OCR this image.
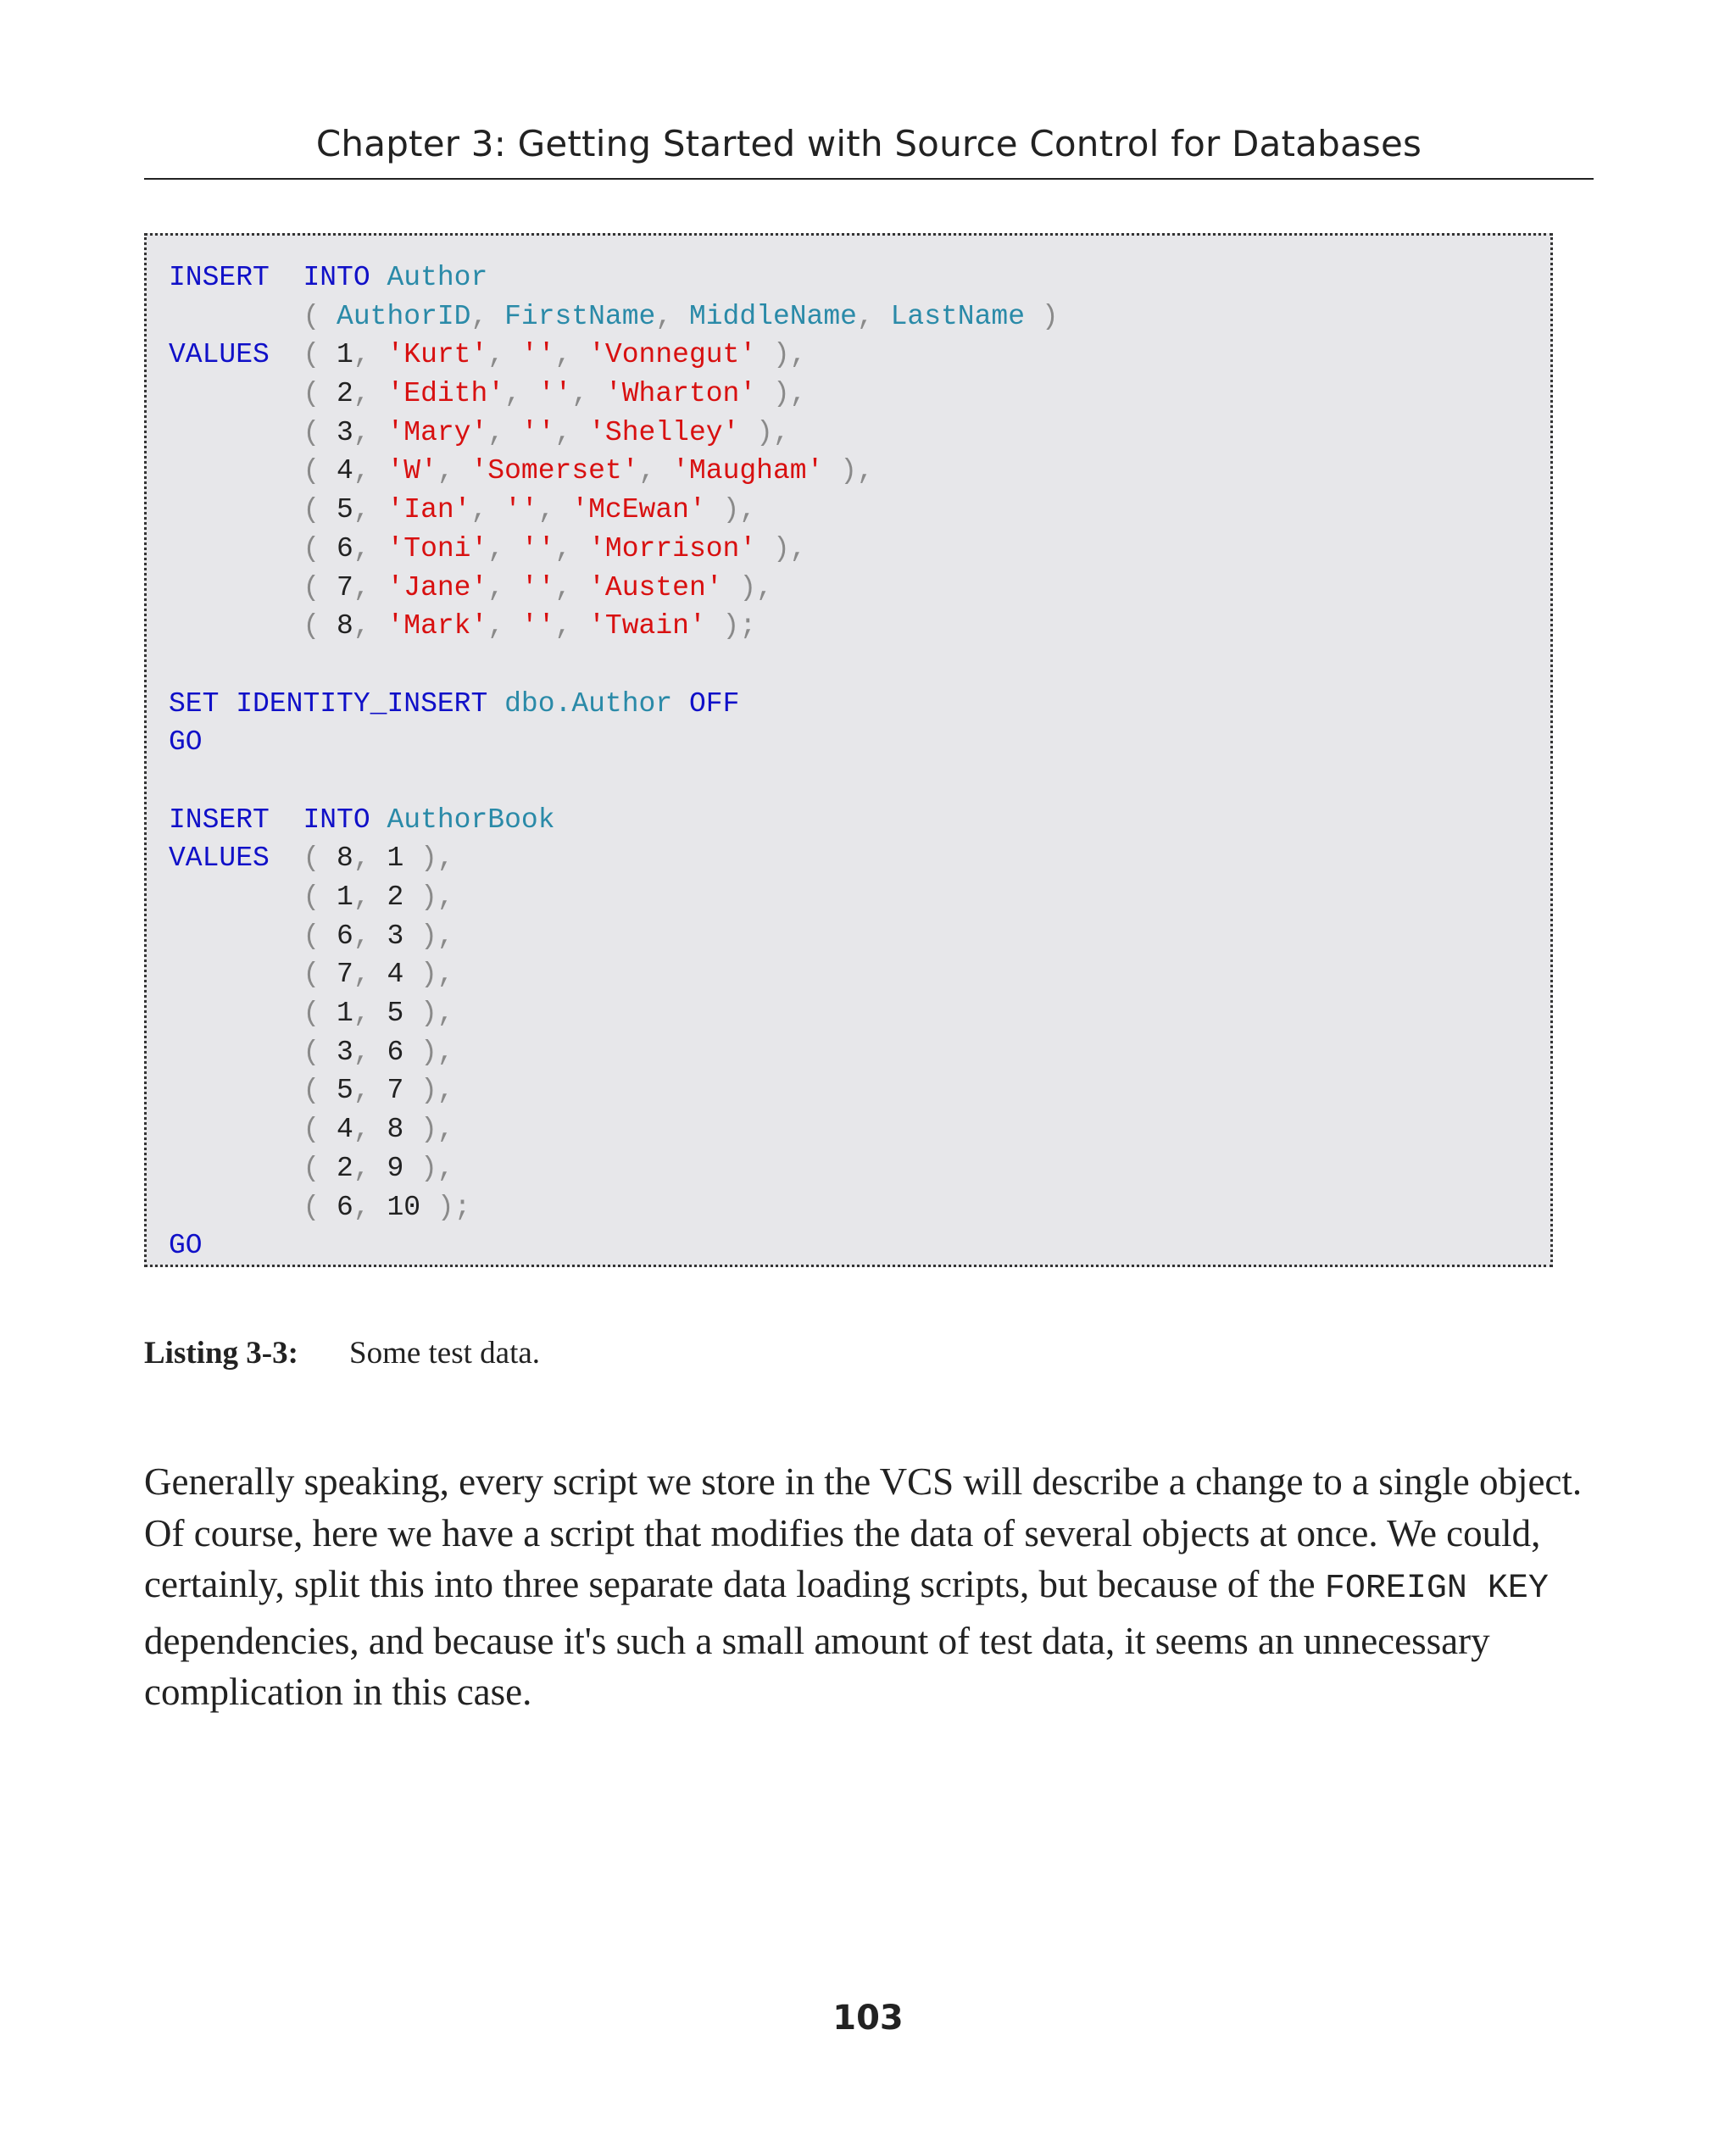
Chapter 3: Getting Started with Source Control for Databases
INSERT INTO Author
( AuthorID, FirstName, MiddleName, LastName )
VALUES  ( 1, 'Kurt', '', 'Vonnegut' ),
( 2, 'Edith', '', 'Wharton' ),
( 3, 'Mary', '', 'Shelley' ),
( 4, 'W', 'Somerset', 'Maugham' ),
( 5, 'Ian', '', 'McEwan' ),
( 6, 'Toni', '', 'Morrison' ),
( 7, 'Jane', '', 'Austen' ),
( 8, 'Mark', '', 'Twain' );
SET IDENTITY_INSERT dbo.Author OFF
GO
INSERT INTO AuthorBook
VALUES  ( 8, 1 ),
( 1, 2 ),
( 6, 3 ),
( 7, 4 ),
( 1, 5 ),
( 3, 6 ),
( 5, 7 ),
( 4, 8 ),
( 2, 9 ),
( 6, 10 );
GO
Listing 3-3:	Some test data.
Generally speaking, every script we store in the VCS will describe a change to a single object. Of course, here we have a script that modifies the data of several objects at once. We could, certainly, split this into three separate data loading scripts, but because of the FOREIGN KEY dependencies, and because it's such a small amount of test data, it seems an unnecessary complication in this case.
103
